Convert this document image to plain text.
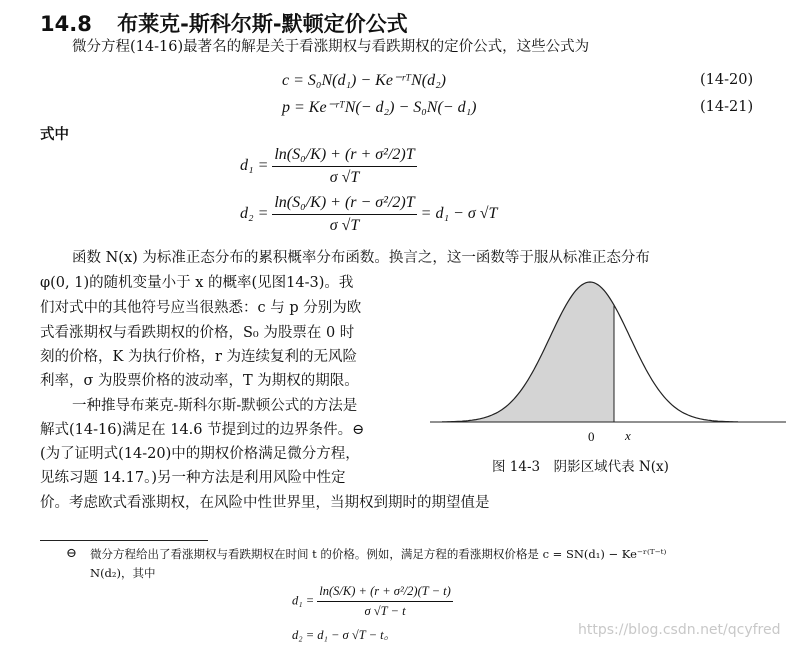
14.8 布莱克-斯科尔斯-默顿定价公式
微分方程(14-16)最著名的解是关于看涨期权与看跌期权的定价公式，这些公式为
c = S₀N(d₁) − Ke⁻ʳᵀN(d₂)	(14-20)
p = Ke⁻ʳᵀN(− d₂) − S₀N(− d₁)	(14-21)
式中
$d_1 = \frac{\text{ln(S₀/K) + (r + σ²/2)T}}{\sigma √T}$
$d_2 = \frac{\text{ln(S₀/K) + (r − σ²/2)T}}{\sigma √T} = d_1 - \sigma$ √T
函数 N(x) 为标准正态分布的累积概率分布函数。换言之，这一函数等于服从标准正态分布
φ(0, 1)的随机变量小于 x 的概率(见图14-3)。我
们对式中的其他符号应当很熟悉：c 与 p 分别为欧
式看涨期权与看跌期权的价格，S₀ 为股票在 0 时
刻的价格，K 为执行价格，r 为连续复利的无风险
利率，σ 为股票价格的波动率，T 为期权的期限。
一种推导布莱克-斯科尔斯-默顿公式的方法是
解式(14-16)满足在 14.6 节提到过的边界条件。⊖
(为了证明式(14-20)中的期权价格满足微分方程，
见练习题 14.17。)另一种方法是利用风险中性定
价。考虑欧式看涨期权，在风险中性世界里，当期权到期时的期望值是
0 x
图 14-3　阴影区域代表 N(x)
⊖ 微分方程给出了看涨期权与看跌期权在时间 t 的价格。例如，满足方程的看涨期权价格是 c = SN(d₁) − Ke⁻ʳ⁽ᵀ⁻ᵗ⁾
N(d₂)，其中
$d_1 = \frac{\text{ln(S/K) + (r + σ²/2)(T − t)}}{\sigma √T - t}$
d₂ = d₁ − σ √T − t。	https://blog.csdn.net/qcyfred
